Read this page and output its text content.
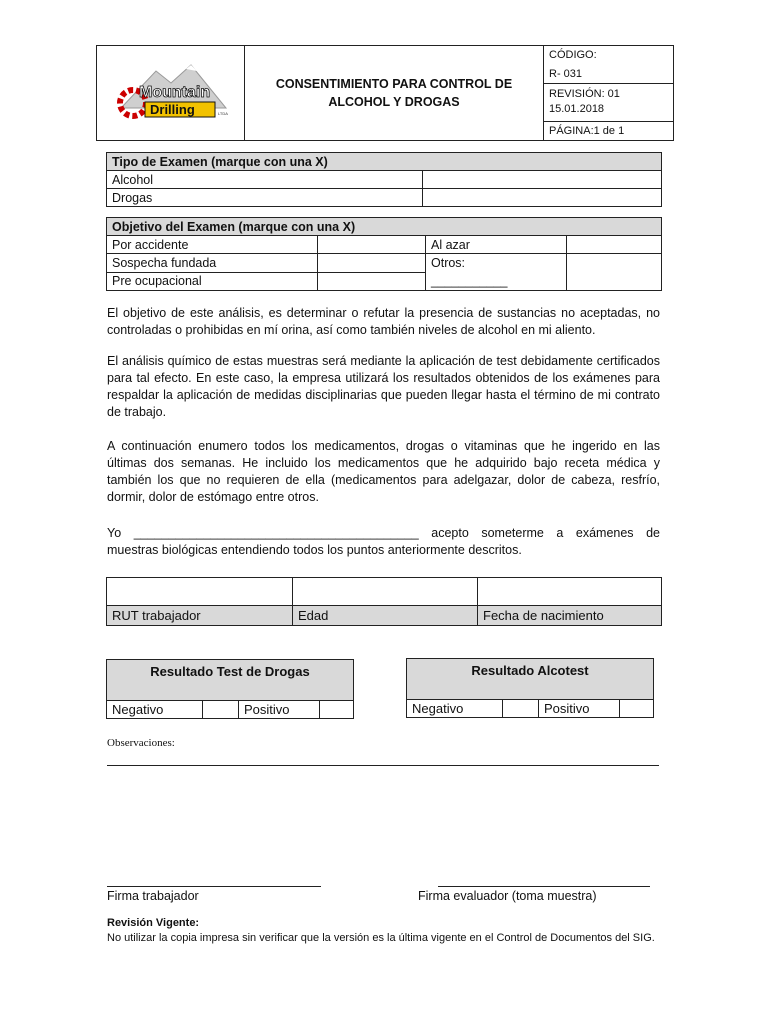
Mountain
Drilling	LTDA
	CONSENTIMIENTO PARA CONTROL DE ALCOHOL Y DROGAS	CÓDIGO:
R- 031
REVISIÓN: 01
15.01.2018
PÁGINA:1 de 1
Tipo de Examen (marque con una X)	
Alcohol	
Drogas	
Objetivo del Examen (marque con una X)			
Por accidente		Al azar	
Sospecha fundada		Otros:
___________	
Pre ocupacional			
El objetivo de este análisis, es determinar o refutar la presencia de sustancias no aceptadas, no controladas o prohibidas en mí orina, así como también niveles de alcohol en mi aliento.
El análisis químico de estas muestras será mediante la aplicación de test debidamente certificados para tal efecto. En este caso, la empresa utilizará los resultados obtenidos de los exámenes para respaldar la aplicación de medidas disciplinarias que pueden llegar hasta el término de mi contrato de trabajo.
A continuación enumero todos los medicamentos, drogas o vitaminas que he ingerido en las últimas dos semanas. He incluido los medicamentos que he adquirido bajo receta médica y también los que no requieren de ella (medicamentos para adelgazar, dolor de cabeza, resfrío, dormir, dolor de estómago entre otros.
Yo _________________________________________ acepto someterme a exámenes de muestras biológicas entendiendo todos los puntos anteriormente descritos.

RUT trabajador	Edad	Fecha de nacimiento
Resultado Test de Drogas
Negativo		Positivo	
Resultado Alcotest
Negativo		Positivo	
Observaciones:
Firma trabajador	Firma evaluador (toma muestra)
Revisión Vigente:
No utilizar la copia impresa sin verificar que la versión es la última vigente en el Control de Documentos del SIG.
